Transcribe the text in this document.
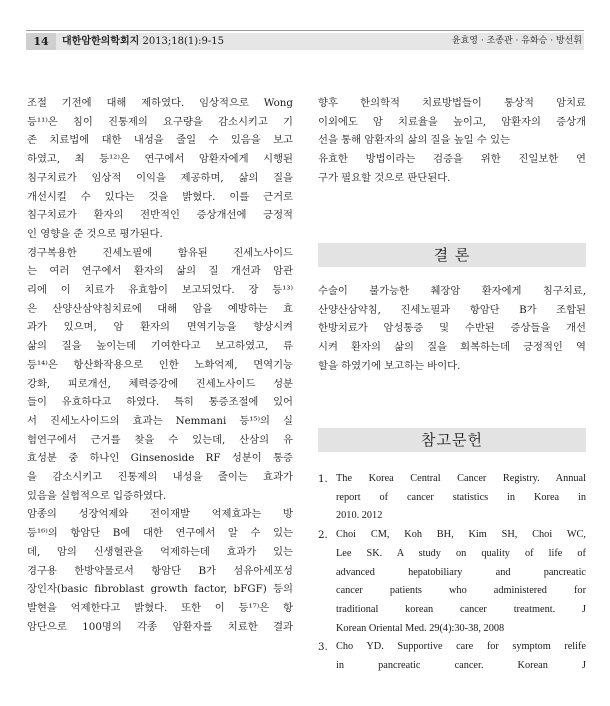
14	대한암한의학회지 2013;18(1):9-15	윤효영 · 조종관 · 유화승 · 방선휘

조절 기전에 대해 제하였다. 임상적으로 Wong
등¹¹⁾은 침이 진통제의 요구량을 감소시키고 기
존 치료법에 대한 내성을 줄일 수 있음을 보고
하였고, 최 등¹²⁾은 연구에서 암환자에게 시행된
침구치료가 임상적 이익을 제공하며, 삶의 질을
개선시킬 수 있다는 것을 밝혔다. 이를 근거로
침구치료가 환자의 전반적인 증상개선에 긍정적
인 영향을 준 것으로 평가된다.

경구복용한 진세노필에 함유된 진세노사이드
는 여러 연구에서 환자의 삶의 질 개선과 암관
리에 이 치료가 유효함이 보고되었다. 장 등¹³⁾
은 산양산삼약침치료에 대해 암을 예방하는 효
과가 있으며, 암 환자의 면역기능을 향상시켜
삶의 질을 높이는데 기여한다고 보고하였고, 류
등¹⁴⁾은 항산화작용으로 인한 노화억제, 면역기능
강화, 피로개선, 체력증강에 진세노사이드 성분
들이 유효하다고 하였다. 특히 통증조절에 있어
서 진세노사이드의 효과는 Nemmani 등¹⁵⁾의 실
험연구에서 근거를 찾을 수 있는데, 산삼의 유
효성분 중 하나인 Ginsenoside RF 성분이 통증
을 감소시키고 진통제의 내성을 줄이는 효과가
있음을 실험적으로 입증하였다.

암종의 성장억제와 전이재발 억제효과는 방
등¹⁶⁾의 항암단 B에 대한 연구에서 알 수 있는
데, 암의 신생혈관을 억제하는데 효과가 있는
경구용 한방약물로서 항암단 B가 섬유아세포성
장인자(basic fibroblast growth factor, bFGF) 등의
발현을 억제한다고 밝혔다. 또한 이 등¹⁷⁾은 항
암단으로 100명의 각종 암환자를 치료한 결과

향후 한의학적 치료방법들이 통상적 암치료
이외에도 암 치료율을 높이고, 암환자의 증상개
선을 통해 암환자의 삶의 질을 높일 수 있는

유효한 방법이라는 검증을 위한 진일보한 연
구가 필요할 것으로 판단된다.

결 론

수술이 불가능한 췌장암 환자에게 침구치료,
산양산삼약침, 진세노필과 항암단 B가 조합된
한방치료가 암성통증 및 수반된 증상들을 개선
시켜 환자의 삶의 질을 회복하는데 긍정적인 역
할을 하였기에 보고하는 바이다.

참고문헌
1. The Korea Central Cancer Registry. Annual
report of cancer statistics in Korea in
2010. 2012
2. Choi CM, Koh BH, Kim SH, Choi WC,
Lee SK. A study on quality of life of
advanced hepatobiliary and pancreatic
cancer patients who administered for
traditional korean cancer treatment. J
Korean Oriental Med. 29(4):30-38, 2008
3. Cho YD. Supportive care for symptom relife
in pancreatic cancer. Korean J
